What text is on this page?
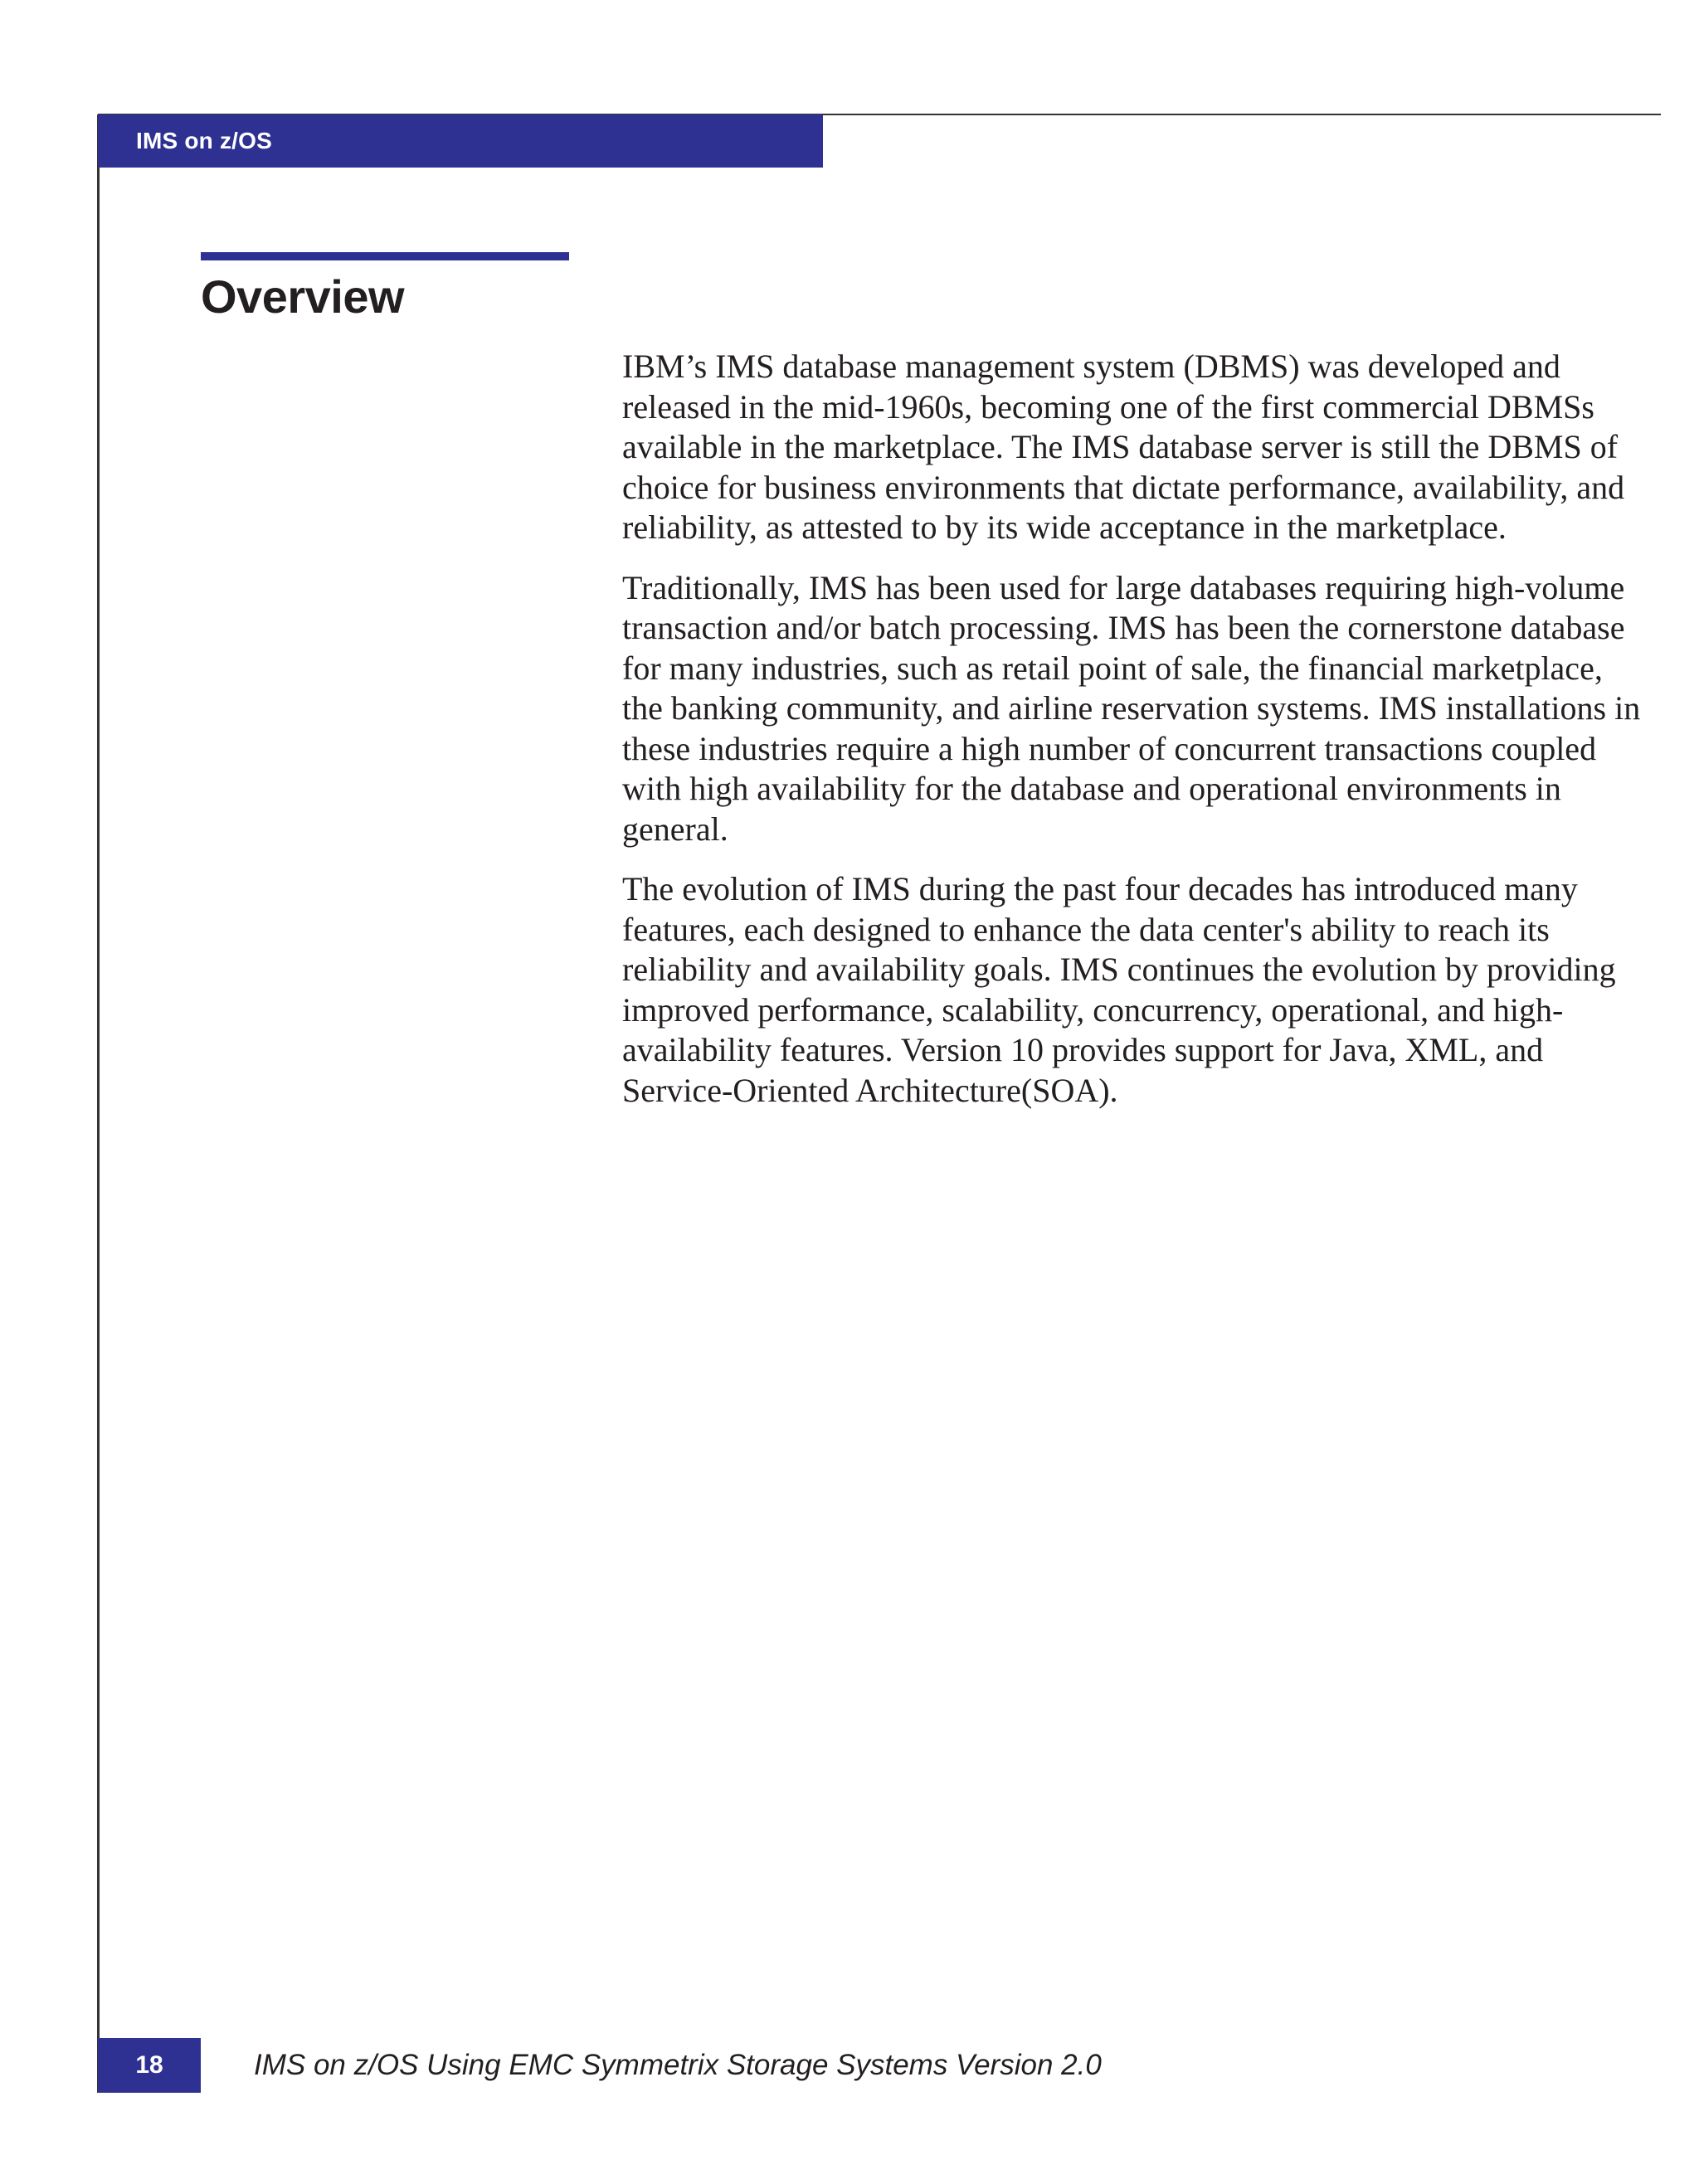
IMS on z/OS
Overview

IBM’s IMS database management system (DBMS) was developed and released in the mid-1960s, becoming one of the first commercial DBMSs available in the marketplace. The IMS database server is still the DBMS of choice for business environments that dictate performance, availability, and reliability, as attested to by its wide acceptance in the marketplace.

Traditionally, IMS has been used for large databases requiring high-volume transaction and/or batch processing. IMS has been the cornerstone database for many industries, such as retail point of sale, the financial marketplace, the banking community, and airline reservation systems. IMS installations in these industries require a high number of concurrent transactions coupled with high availability for the database and operational environments in general.

The evolution of IMS during the past four decades has introduced many features, each designed to enhance the data center's ability to reach its reliability and availability goals. IMS continues the evolution by providing improved performance, scalability, concurrency, operational, and high-availability features. Version 10 provides support for Java, XML, and Service-Oriented Architecture(SOA).

18	IMS on z/OS Using EMC Symmetrix Storage Systems Version 2.0
